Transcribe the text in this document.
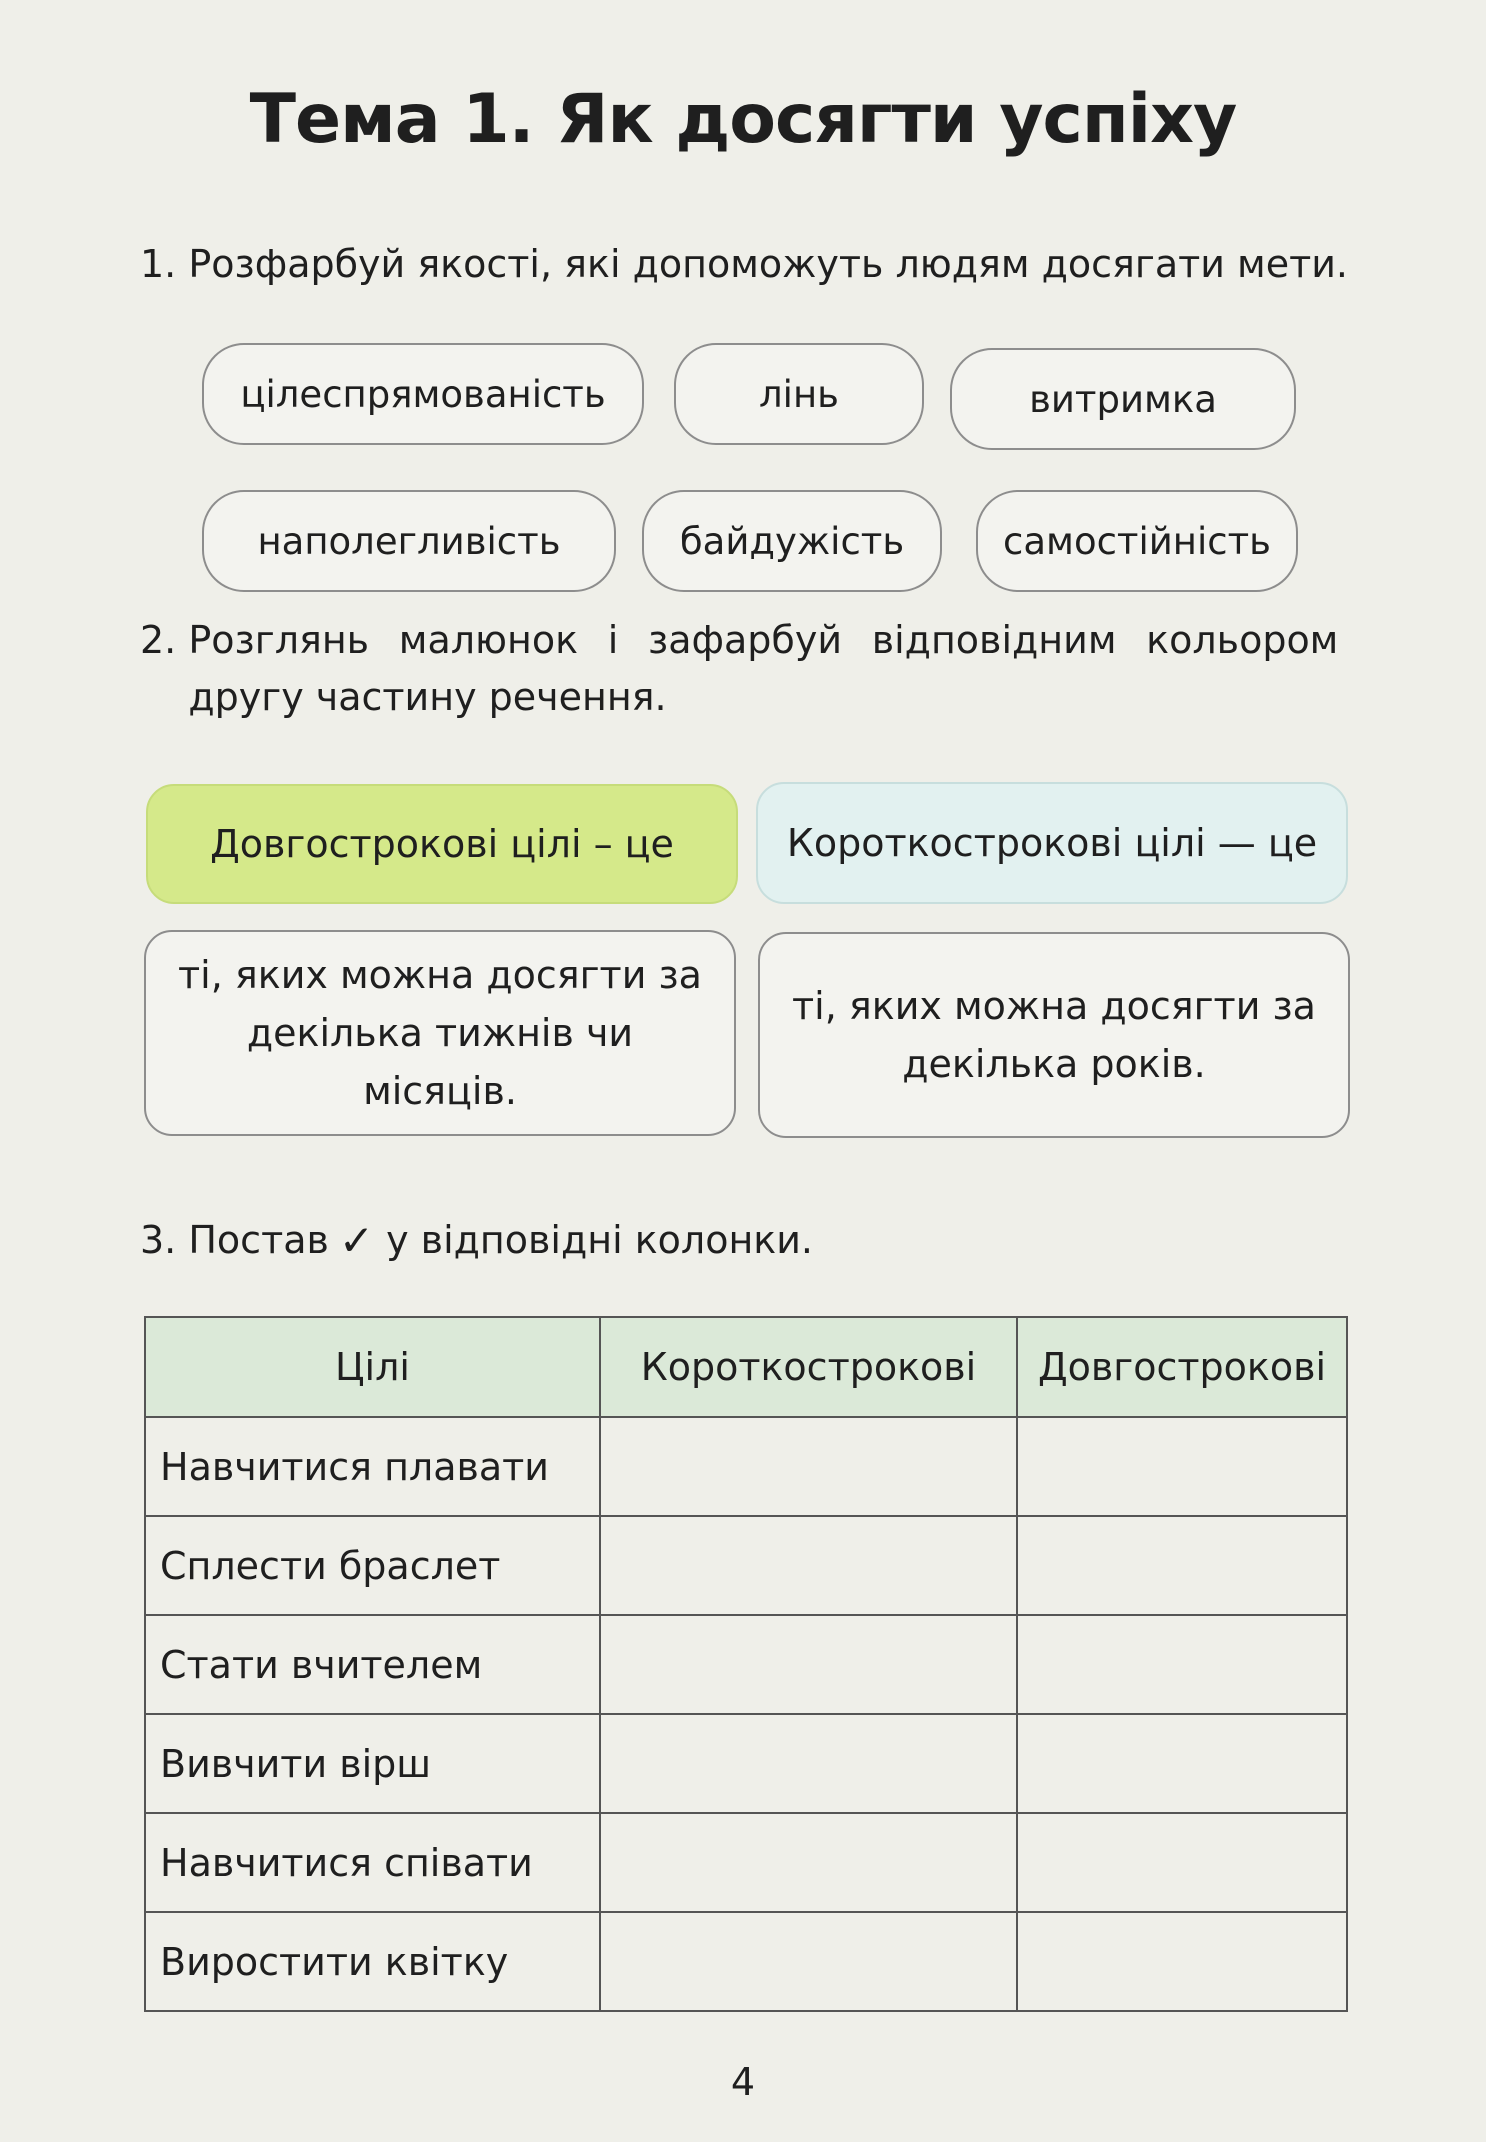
Тема 1. Як досягти успіху

1. Розфарбуй якості, які допоможуть людям досягати мети.

цілеспрямованість	лінь	витримка
наполегливість	байдужість	самостійність
2. Розглянь малюнок і зафарбуй відповідним кольором другу частину речення.
Довгострокові цілі – це	Короткострокові цілі — це
ті, яких можна досягти за декілька тижнів чи місяців.
ті, яких можна досягти за декілька років.

3. Постав ✓ у відповідні колонки.

Цілі	Короткострокові	Довгострокові
Навчитися плавати		
Сплести браслет		
Стати вчителем		
Вивчити вірш		
Навчитися співати		
Виростити квітку		

4
